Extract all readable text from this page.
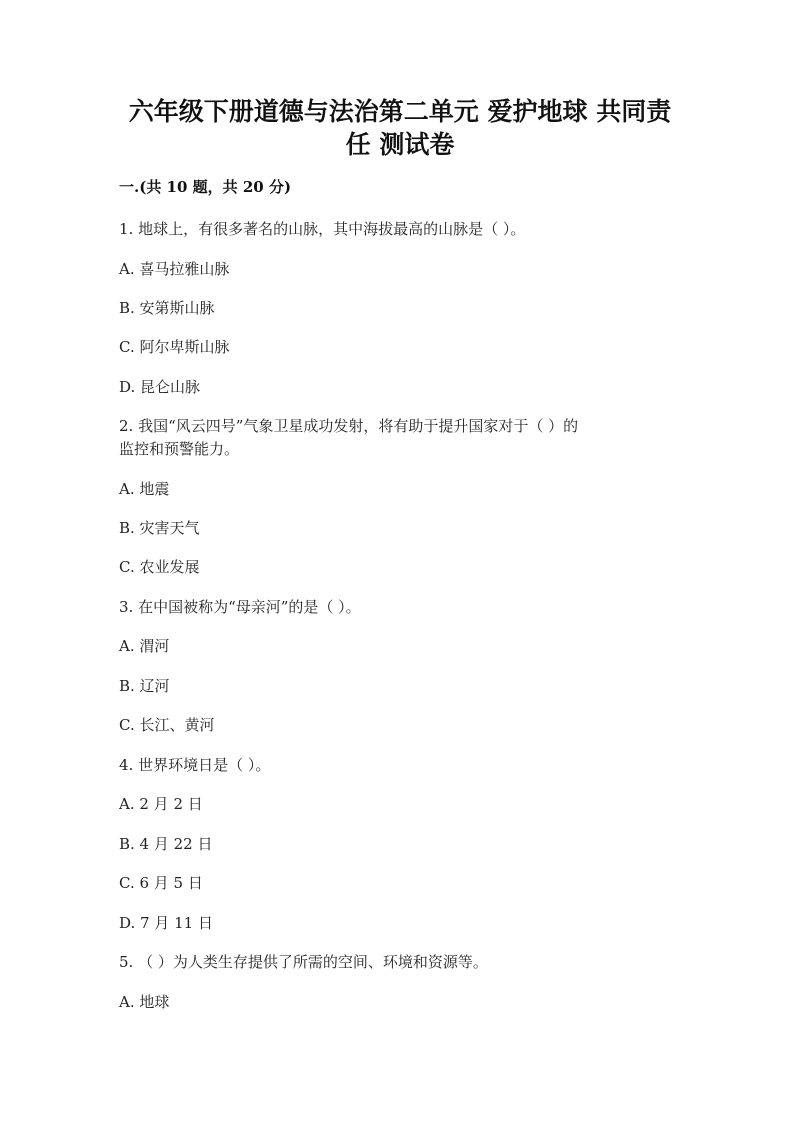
六年级下册道德与法治第二单元 爱护地球 共同责
任 测试卷
一.(共 10 题，共 20 分)
1. 地球上，有很多著名的山脉，其中海拔最高的山脉是（ ）。
A. 喜马拉雅山脉
B. 安第斯山脉
C. 阿尔卑斯山脉
D. 昆仑山脉
2. 我国“风云四号”气象卫星成功发射，将有助于提升国家对于（ ）的
监控和预警能力。
A. 地震
B. 灾害天气
C. 农业发展
3. 在中国被称为“母亲河”的是（ ）。
A. 渭河
B. 辽河
C. 长江、黄河
4. 世界环境日是（ ）。
A. 2 月 2 日
B. 4 月 22 日
C. 6 月 5 日
D. 7 月 11 日
5. （ ）为人类生存提供了所需的空间、环境和资源等。
A. 地球
